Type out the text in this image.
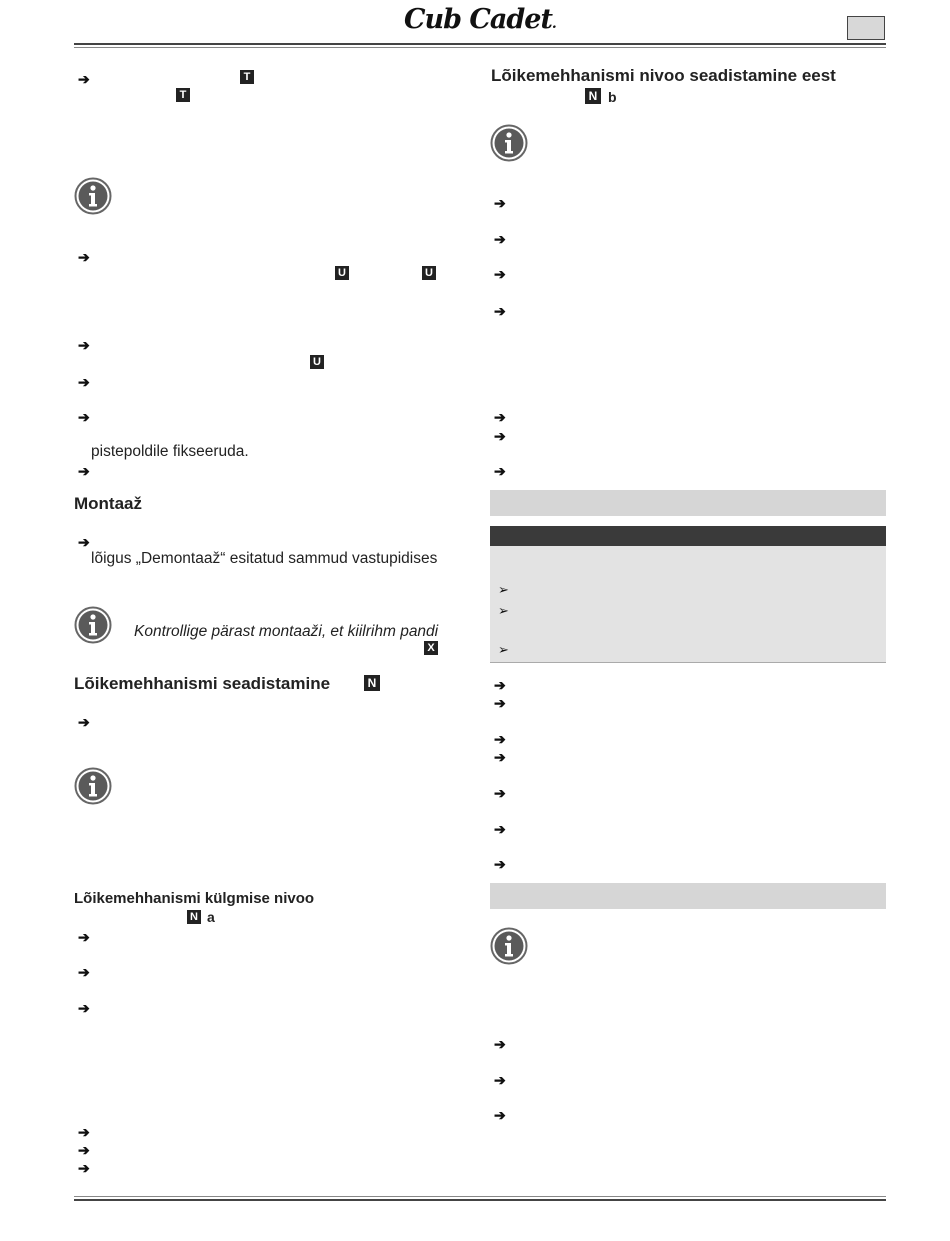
Cub Cadet.
➔	T
T
➔
U	U
➔
U
➔
➔
pistepoldile fikseeruda.
➔
Montaaž
➔
lõigus „Demontaaž“ esitatud sammud vastupidises
Kontrollige pärast montaaži, et kiilrihm pandi
X
Lõikemehhanismi seadistamine	N
➔
Lõikemehhanismi külgmise nivoo
N a
➔
➔
➔
➔
➔
➔
Lõikemehhanismi nivoo seadistamine eest
N b
➔
➔
➔
➔
➔
➔
➔
➢
➢
➢
➔
➔
➔
➔
➔
➔
➔
➔
➔
➔
